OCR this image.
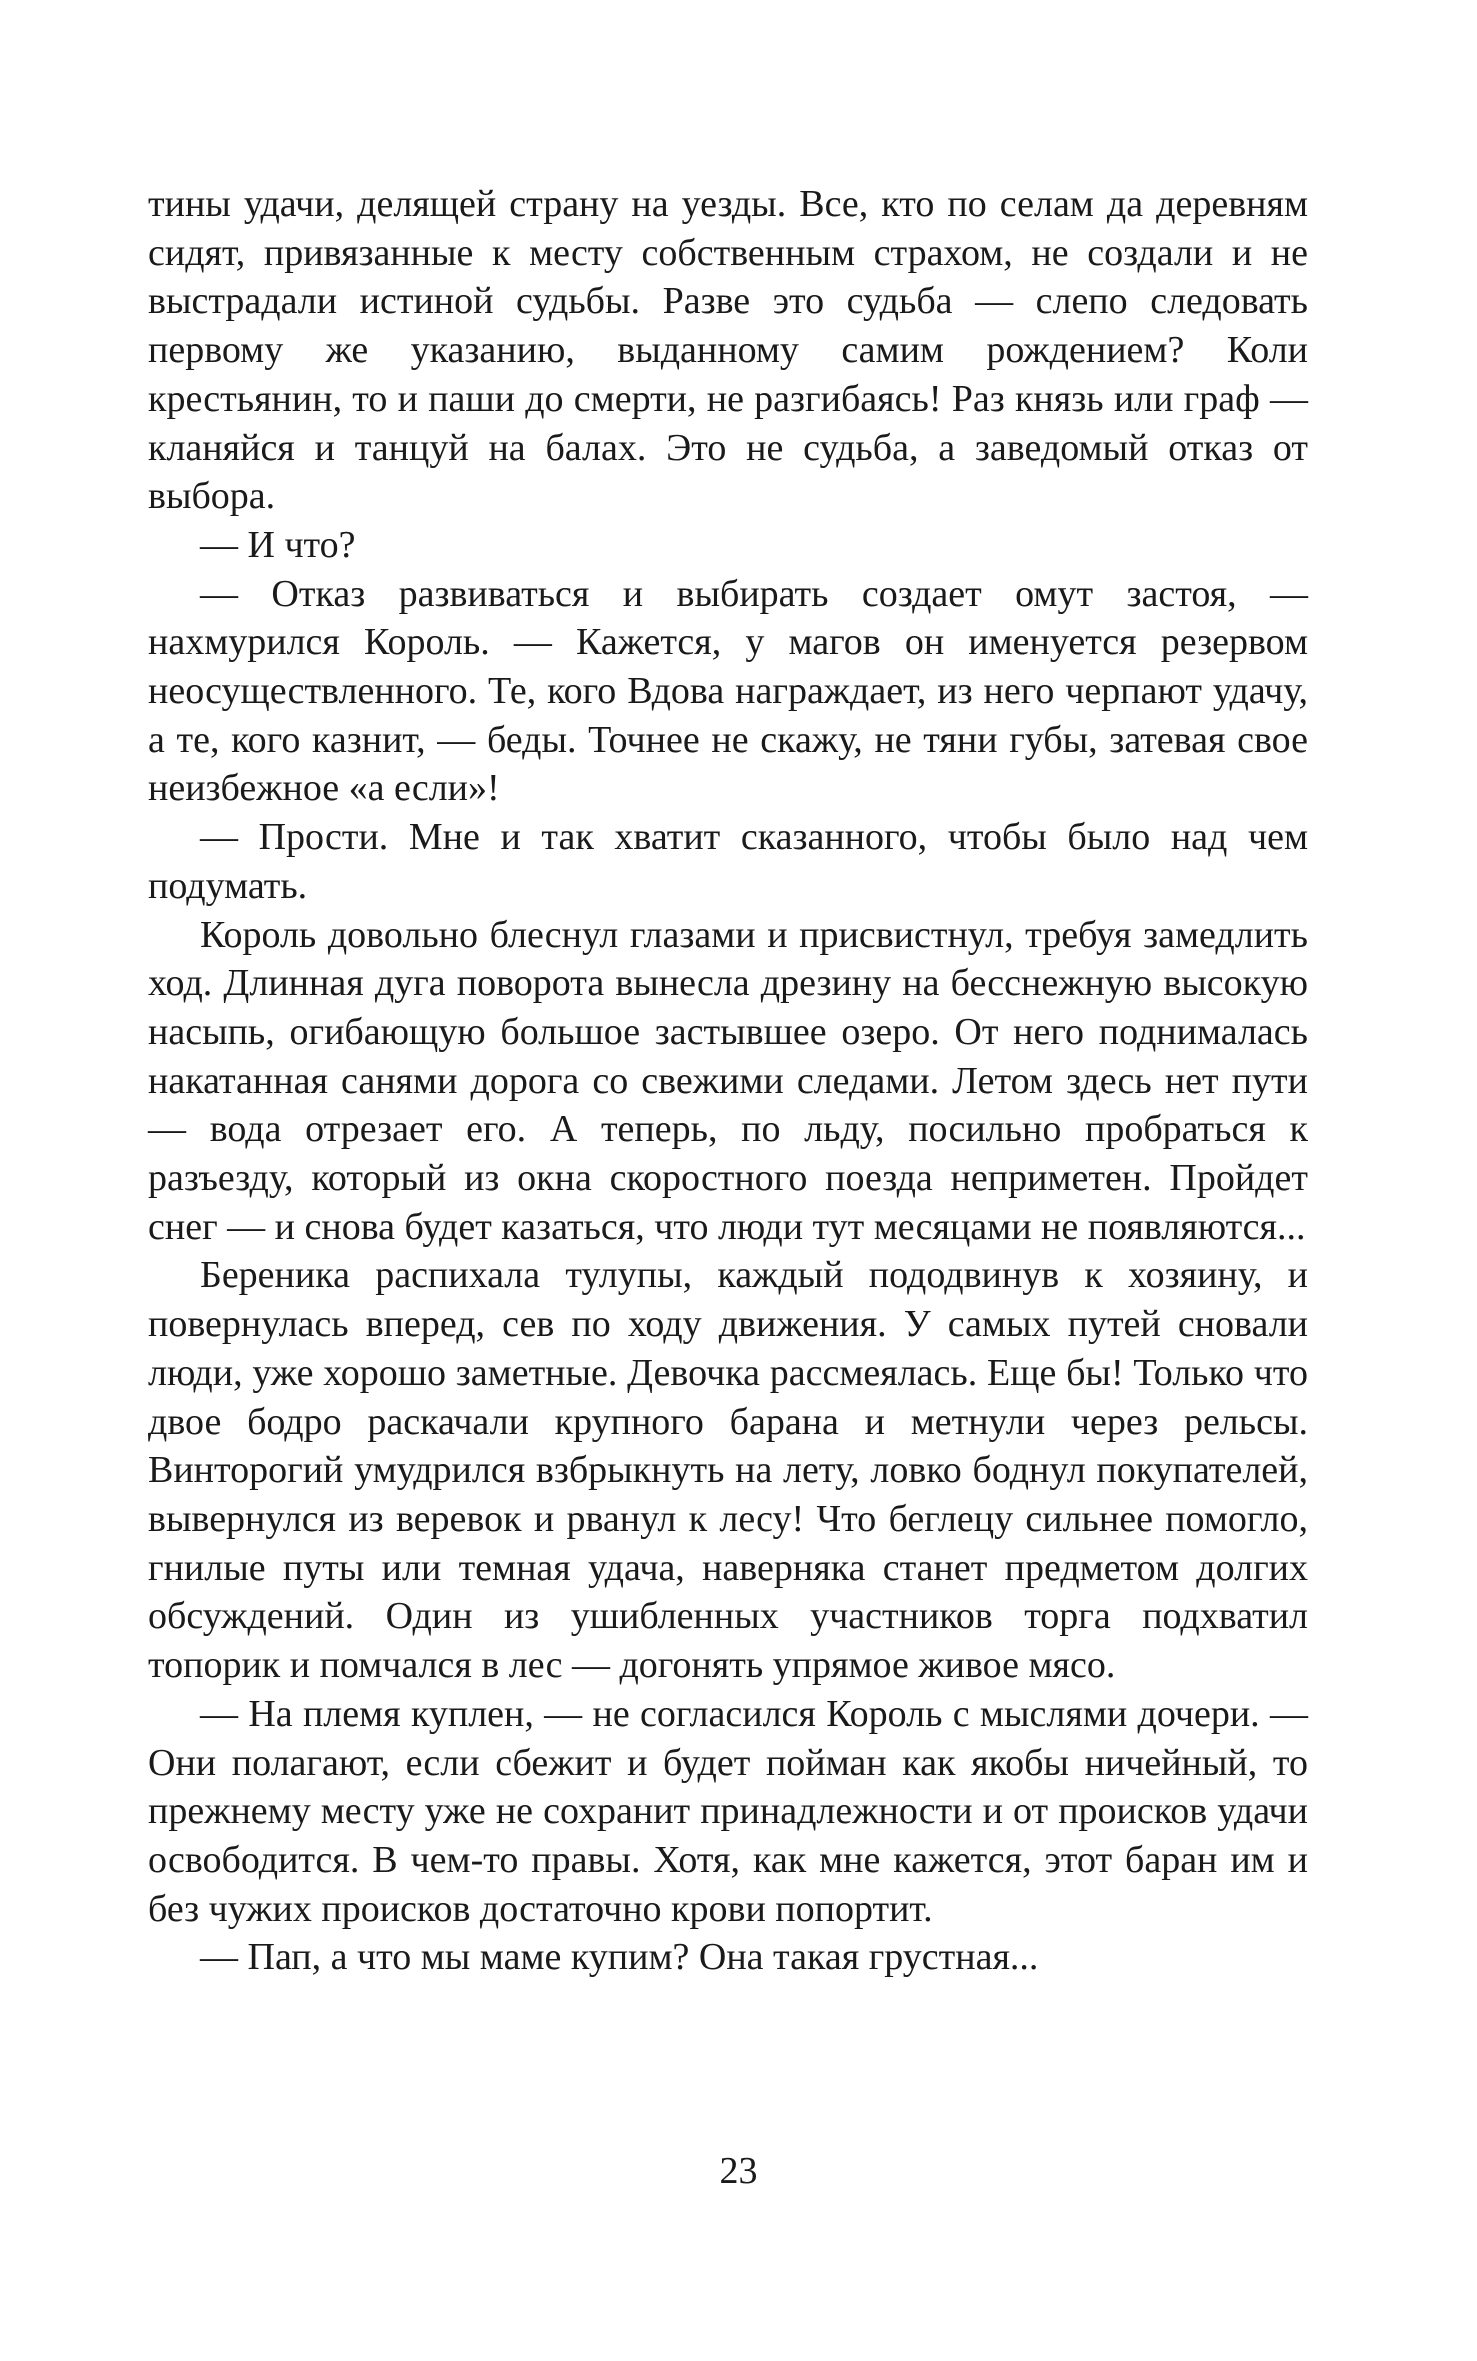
тины удачи, делящей страну на уезды. Все, кто по селам да деревням сидят, привязанные к месту собственным страхом, не создали и не выстрадали истиной судьбы. Разве это судьба — слепо следовать первому же указанию, выданному самим рождением? Коли крестьянин, то и паши до смерти, не разгибаясь! Раз князь или граф — кланяйся и танцуй на балах. Это не судьба, а заведомый отказ от выбора.

— И что?

— Отказ развиваться и выбирать создает омут застоя, — нахмурился Король. — Кажется, у магов он именуется резервом неосуществленного. Те, кого Вдова награждает, из него черпают удачу, а те, кого казнит, — беды. Точнее не скажу, не тяни губы, затевая свое неизбежное «а если»!

— Прости. Мне и так хватит сказанного, чтобы было над чем подумать.

Король довольно блеснул глазами и присвистнул, требуя замедлить ход. Длинная дуга поворота вынесла дрезину на бесснежную высокую насыпь, огибающую большое застывшее озеро. От него поднималась накатанная санями дорога со свежими следами. Летом здесь нет пути — вода отрезает его. А теперь, по льду, посильно пробраться к разъезду, который из окна скоростного поезда неприметен. Пройдет снег — и снова будет казаться, что люди тут месяцами не появляются...

Береника распихала тулупы, каждый пододвинув к хозяину, и повернулась вперед, сев по ходу движения. У самых путей сновали люди, уже хорошо заметные. Девочка рассмеялась. Еще бы! Только что двое бодро раскачали крупного барана и метнули через рельсы. Винторогий умудрился взбрыкнуть на лету, ловко боднул покупателей, вывернулся из веревок и рванул к лесу! Что беглецу сильнее помогло, гнилые путы или темная удача, наверняка станет предметом долгих обсуждений. Один из ушибленных участников торга подхватил топорик и помчался в лес — догонять упрямое живое мясо.

— На племя куплен, — не согласился Король с мыслями дочери. — Они полагают, если сбежит и будет пойман как якобы ничейный, то прежнему месту уже не сохранит принадлежности и от происков удачи освободится. В чем-то правы. Хотя, как мне кажется, этот баран им и без чужих происков достаточно крови попортит.

— Пап, а что мы маме купим? Она такая грустная...

23
